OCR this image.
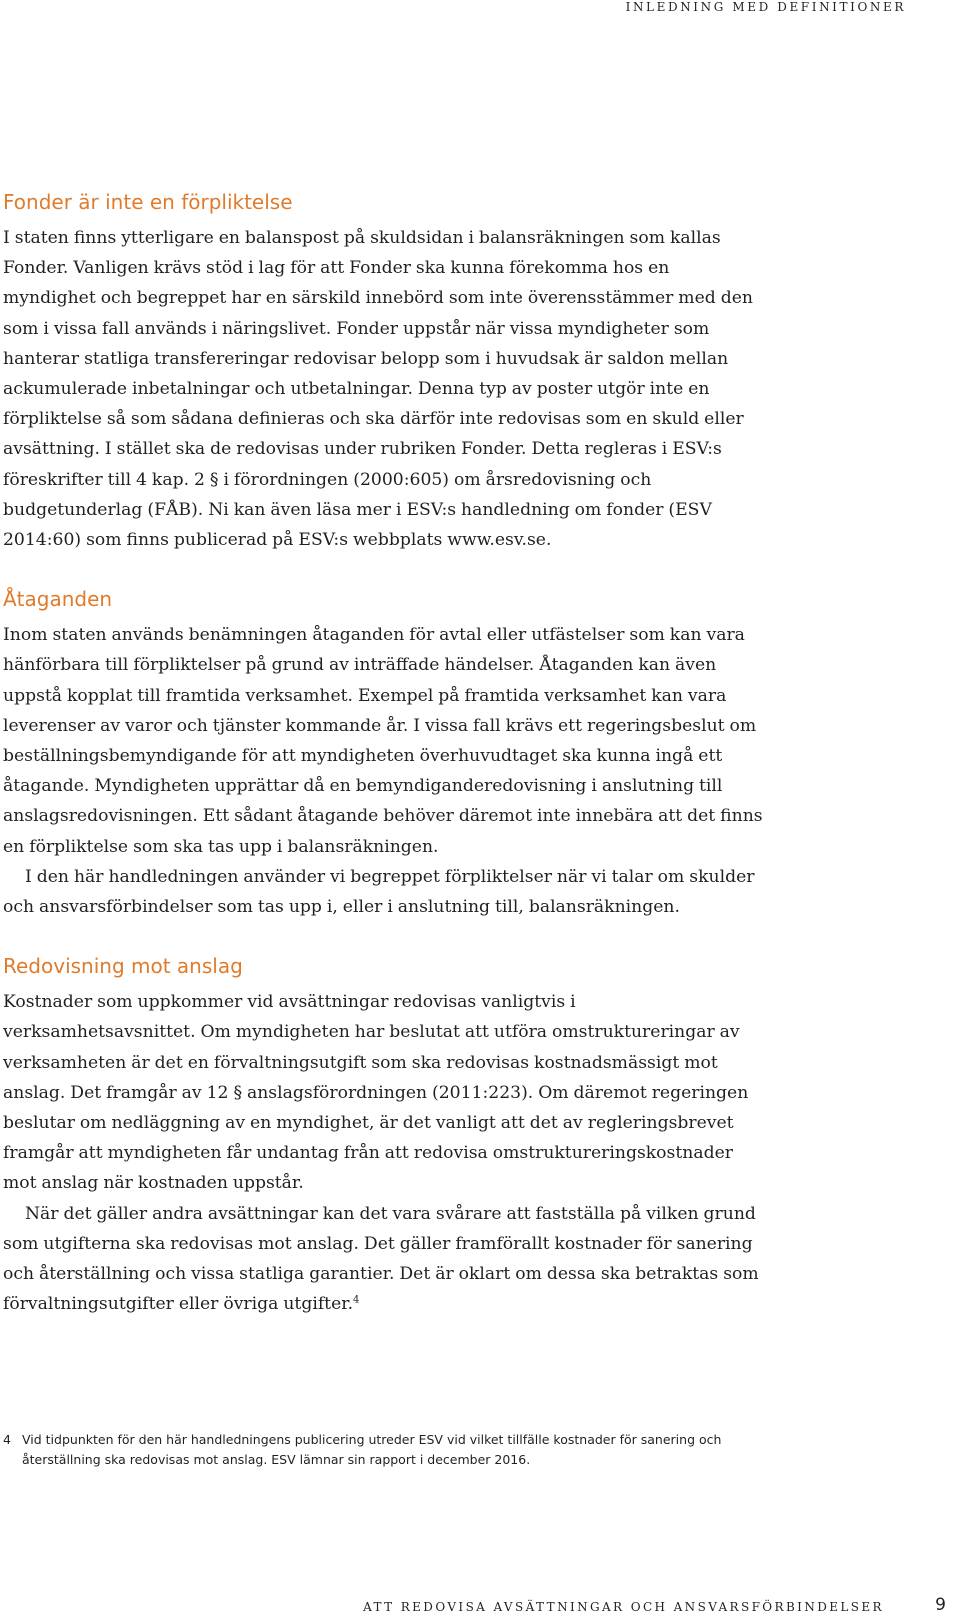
INLEDNING MED DEFINITIONER
Fonder är inte en förpliktelse

I staten finns ytterligare en balanspost på skuldsidan i balansräkningen som kallas Fonder. Vanligen krävs stöd i lag för att Fonder ska kunna förekomma hos en myndighet och begreppet har en särskild innebörd som inte överensstämmer med den som i vissa fall används i näringslivet. Fonder uppstår när vissa myndigheter som hanterar statliga transfereringar redovisar belopp som i huvudsak är saldon mellan ackumulerade inbetalningar och utbetalningar. Denna typ av poster utgör inte en förpliktelse så som sådana definieras och ska därför inte redovisas som en skuld eller avsättning. I stället ska de redovisas under rubriken Fonder. Detta regleras i ESV:s föreskrifter till 4 kap. 2 § i förordningen (2000:605) om årsredovisning och budgetunderlag (FÅB). Ni kan även läsa mer i ESV:s handledning om fonder (ESV 2014:60) som finns publicerad på ESV:s webbplats www.esv.se.

Åtaganden

Inom staten används benämningen åtaganden för avtal eller utfästelser som kan vara hänförbara till förpliktelser på grund av inträffade händelser. Åtaganden kan även uppstå kopplat till framtida verksamhet. Exempel på framtida verksamhet kan vara leverenser av varor och tjänster kommande år. I vissa fall krävs ett regeringsbeslut om beställningsbemyndigande för att myndigheten överhuvudtaget ska kunna ingå ett åtagande. Myndigheten upprättar då en bemyndiganderedovisning i anslutning till anslagsredovisningen. Ett sådant åtagande behöver däremot inte innebära att det finns en förpliktelse som ska tas upp i balansräkningen.

I den här handledningen använder vi begreppet förpliktelser när vi talar om skulder och ansvarsförbindelser som tas upp i, eller i anslutning till, balansräkningen.

Redovisning mot anslag

Kostnader som uppkommer vid avsättningar redovisas vanligtvis i verksamhetsavsnittet. Om myndigheten har beslutat att utföra omstruktureringar av verksamheten är det en förvaltningsutgift som ska redovisas kostnadsmässigt mot anslag. Det framgår av 12 § anslagsförordningen (2011:223). Om däremot regeringen beslutar om nedläggning av en myndighet, är det vanligt att det av regleringsbrevet framgår att myndigheten får undantag från att redovisa omstruktureringskostnader mot anslag när kostnaden uppstår.

När det gäller andra avsättningar kan det vara svårare att fastställa på vilken grund som utgifterna ska redovisas mot anslag. Det gäller framförallt kostnader för sanering och återställning och vissa statliga garantier. Det är oklart om dessa ska betraktas som förvaltningsutgifter eller övriga utgifter.$^4$

4 Vid tidpunkten för den här handledningens publicering utreder ESV vid vilket tillfälle kostnader för sanering och återställning ska redovisas mot anslag. ESV lämnar sin rapport i december 2016.
ATT REDOVISA AVSÄTTNINGAR OCH ANSVARSFÖRBINDELSER	9
